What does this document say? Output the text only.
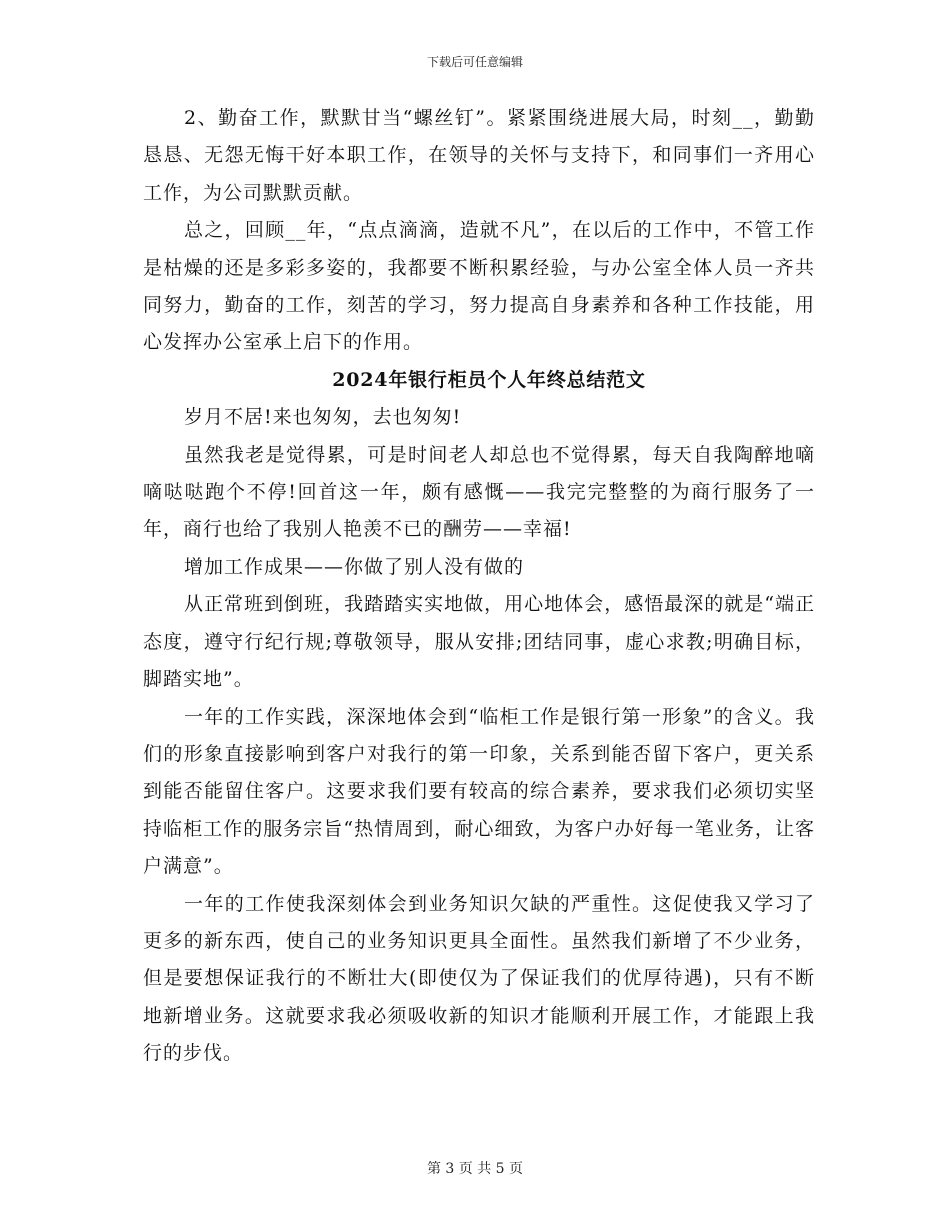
下载后可任意编辑

2、勤奋工作，默默甘当“螺丝钉”。紧紧围绕进展大局，时刻__，勤勤恳恳、无怨无悔干好本职工作，在领导的关怀与支持下，和同事们一齐用心工作，为公司默默贡献。

总之，回顾__年，“点点滴滴，造就不凡”，在以后的工作中，不管工作是枯燥的还是多彩多姿的，我都要不断积累经验，与办公室全体人员一齐共同努力，勤奋的工作，刻苦的学习，努力提高自身素养和各种工作技能，用心发挥办公室承上启下的作用。

2024年银行柜员个人年终总结范文

岁月不居!来也匆匆，去也匆匆!

虽然我老是觉得累，可是时间老人却总也不觉得累，每天自我陶醉地嘀嘀哒哒跑个不停!回首这一年，颇有感慨——我完完整整的为商行服务了一年，商行也给了我别人艳羡不已的酬劳——幸福!

增加工作成果——你做了别人没有做的

从正常班到倒班，我踏踏实实地做，用心地体会，感悟最深的就是“端正态度，遵守行纪行规;尊敬领导，服从安排;团结同事，虚心求教;明确目标，脚踏实地”。

一年的工作实践，深深地体会到“临柜工作是银行第一形象”的含义。我们的形象直接影响到客户对我行的第一印象，关系到能否留下客户，更关系到能否能留住客户。这要求我们要有较高的综合素养，要求我们必须切实坚持临柜工作的服务宗旨“热情周到，耐心细致，为客户办好每一笔业务，让客户满意”。

一年的工作使我深刻体会到业务知识欠缺的严重性。这促使我又学习了更多的新东西，使自己的业务知识更具全面性。虽然我们新增了不少业务，但是要想保证我行的不断壮大(即使仅为了保证我们的优厚待遇)，只有不断地新增业务。这就要求我必须吸收新的知识才能顺利开展工作，才能跟上我行的步伐。

第 3 页 共 5 页
